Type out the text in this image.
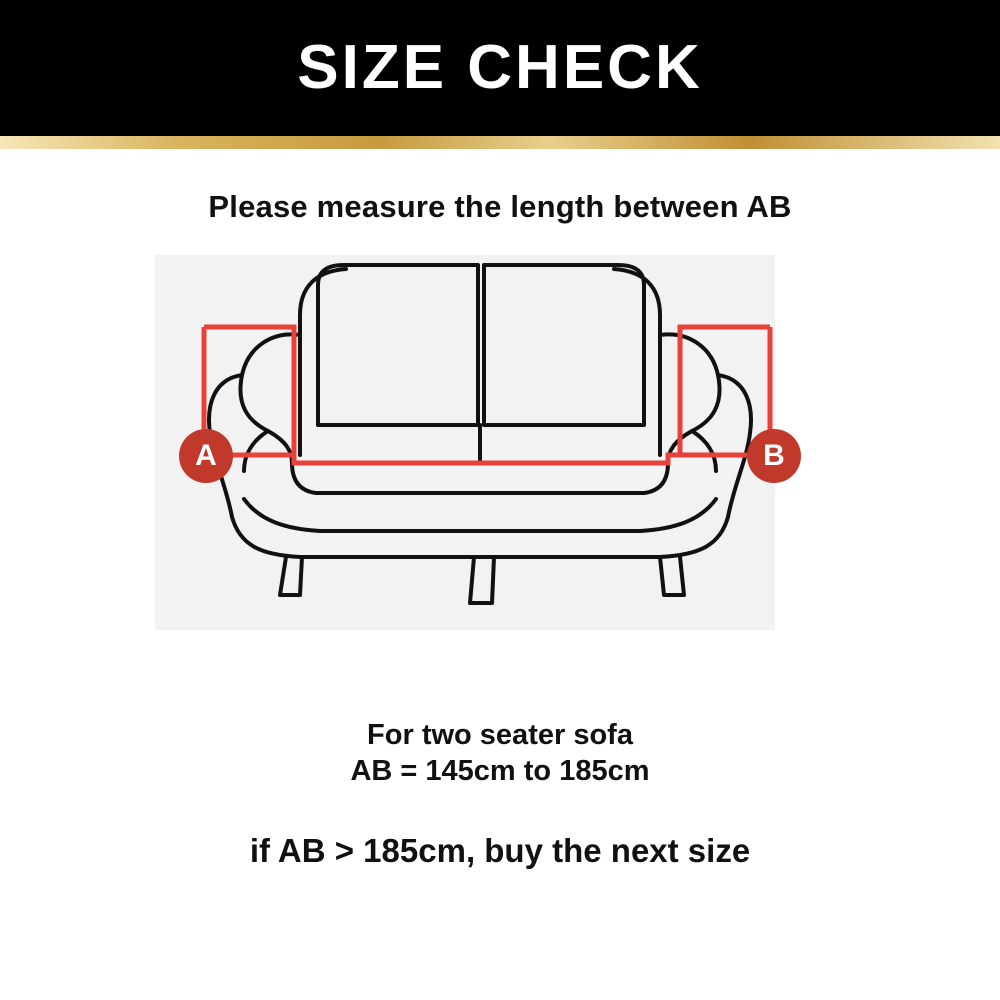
SIZE CHECK
Please measure the length between AB
A	B
For two seater sofa
AB = 145cm to 185cm
if AB > 185cm, buy the next size
